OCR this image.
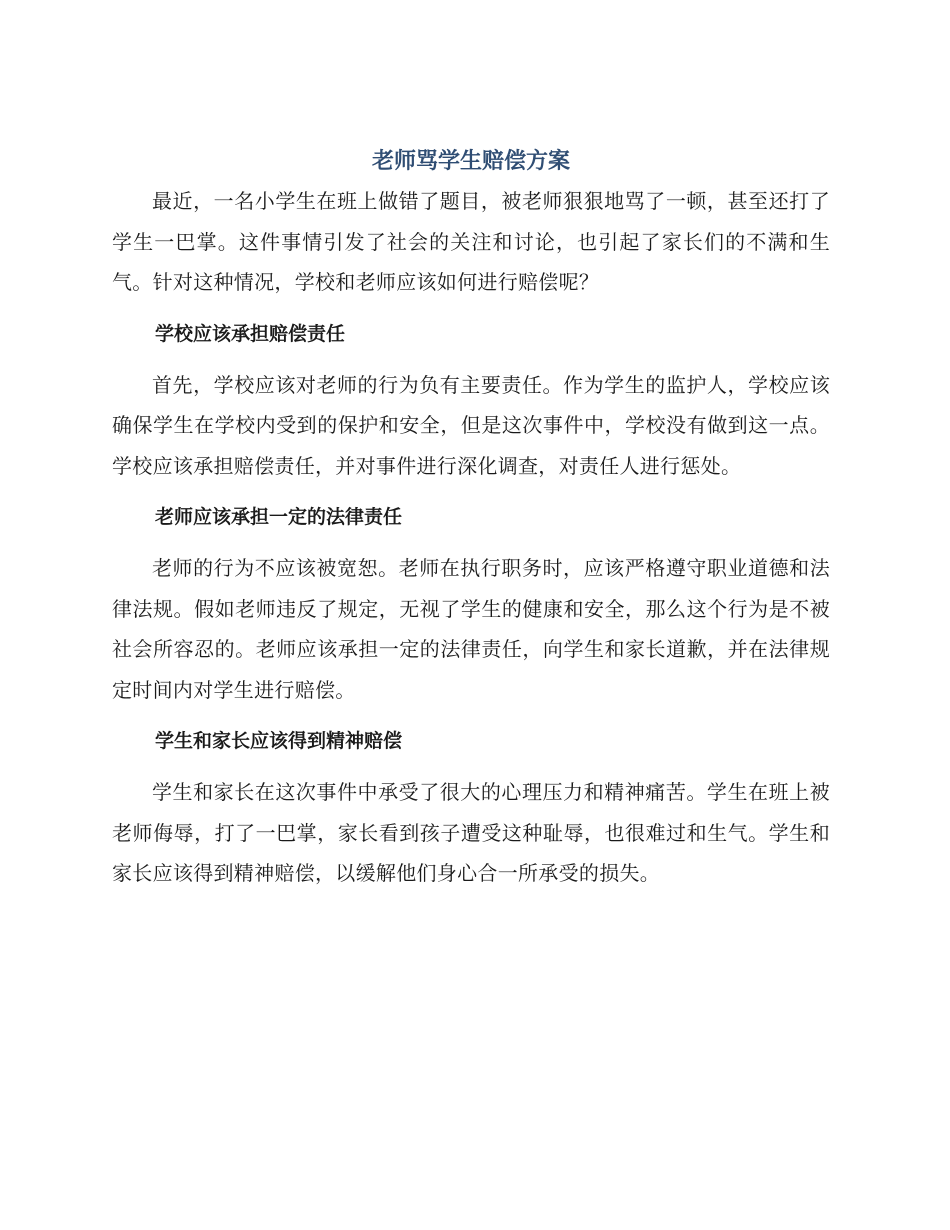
老师骂学生赔偿方案

最近，一名小学生在班上做错了题目，被老师狠狠地骂了一顿，甚至还打了学生一巴掌。这件事情引发了社会的关注和讨论，也引起了家长们的不满和生气。针对这种情况，学校和老师应该如何进行赔偿呢？

学校应该承担赔偿责任

首先，学校应该对老师的行为负有主要责任。作为学生的监护人，学校应该确保学生在学校内受到的保护和安全，但是这次事件中，学校没有做到这一点。学校应该承担赔偿责任，并对事件进行深化调查，对责任人进行惩处。

老师应该承担一定的法律责任

老师的行为不应该被宽恕。老师在执行职务时，应该严格遵守职业道德和法律法规。假如老师违反了规定，无视了学生的健康和安全，那么这个行为是不被社会所容忍的。老师应该承担一定的法律责任，向学生和家长道歉，并在法律规定时间内对学生进行赔偿。

学生和家长应该得到精神赔偿

学生和家长在这次事件中承受了很大的心理压力和精神痛苦。学生在班上被老师侮辱，打了一巴掌，家长看到孩子遭受这种耻辱，也很难过和生气。学生和家长应该得到精神赔偿，以缓解他们身心合一所承受的损失。
